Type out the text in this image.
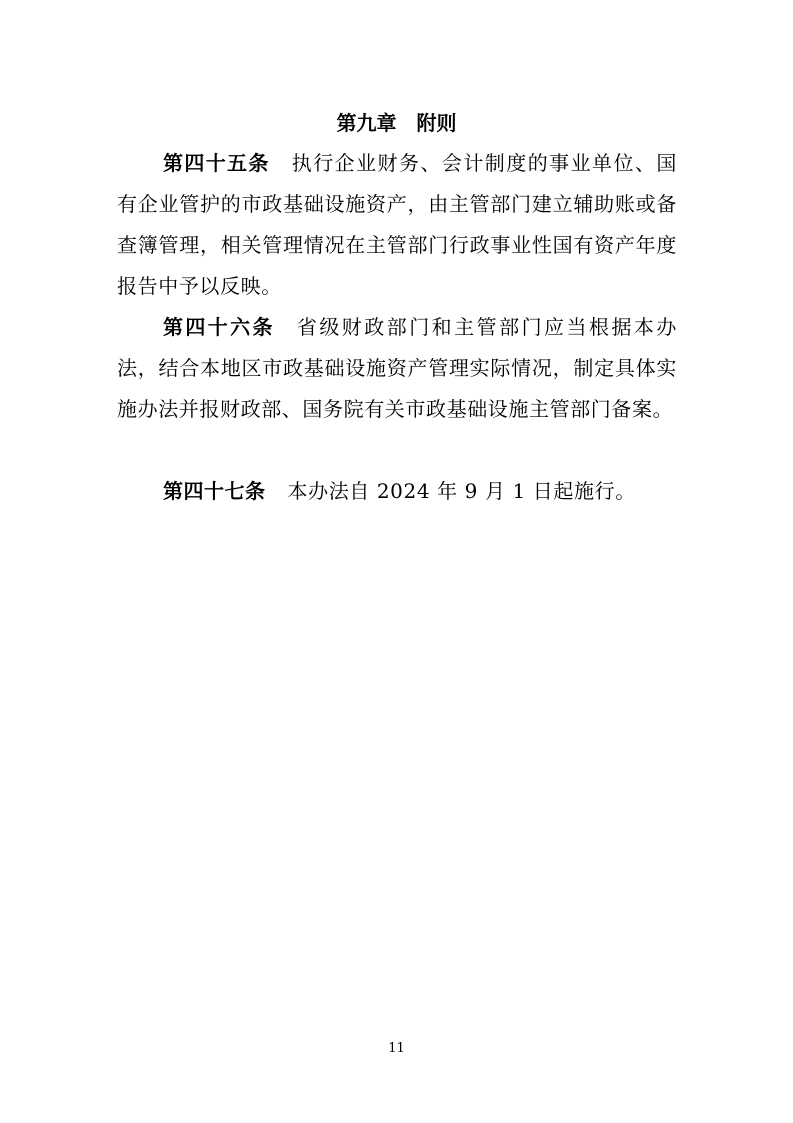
第九章　附则

第四十五条 执行企业财务、会计制度的事业单位、国有企业管护的市政基础设施资产，由主管部门建立辅助账或备查簿管理，相关管理情况在主管部门行政事业性国有资产年度报告中予以反映。

第四十六条 省级财政部门和主管部门应当根据本办法，结合本地区市政基础设施资产管理实际情况，制定具体实施办法并报财政部、国务院有关市政基础设施主管部门备案。

第四十七条 本办法自 2024 年 9 月 1 日起施行。

11
